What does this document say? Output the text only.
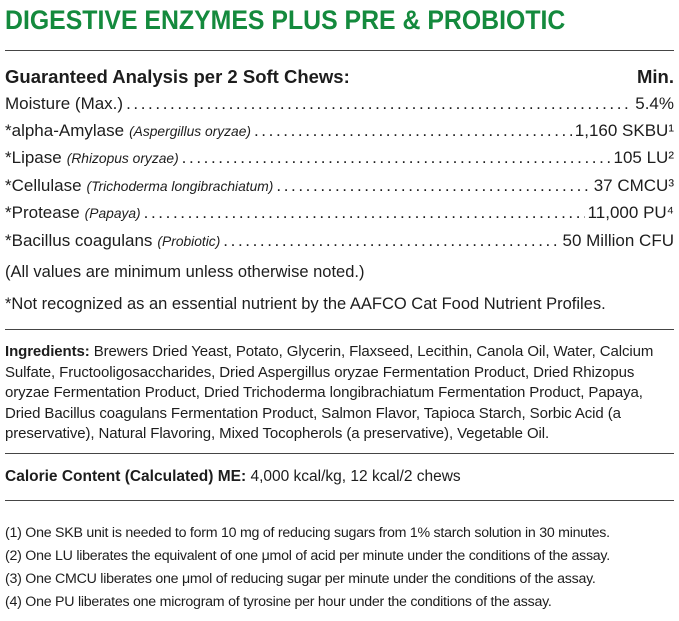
DIGESTIVE ENZYMES PLUS PRE & PROBIOTIC
Guaranteed Analysis per 2 Soft Chews:	Min.
Moisture (Max.) .....	5.4%
*alpha-Amylase (Aspergillus oryzae) .....	1,160 SKBU¹
*Lipase (Rhizopus oryzae) .....	105 LU²
*Cellulase (Trichoderma longibrachiatum) .....	37 CMCU³
*Protease (Papaya) .....	11,000 PU⁴
*Bacillus coagulans (Probiotic) .....	50 Million CFU

(All values are minimum unless otherwise noted.)

*Not recognized as an essential nutrient by the AAFCO Cat Food Nutrient Profiles.

Ingredients: Brewers Dried Yeast, Potato, Glycerin, Flaxseed, Lecithin, Canola Oil, Water, Calcium Sulfate, Fructooligosaccharides, Dried Aspergillus oryzae Fermentation Product, Dried Rhizopus oryzae Fermentation Product, Dried Trichoderma longibrachiatum Fermentation Product, Papaya, Dried Bacillus coagulans Fermentation Product, Salmon Flavor, Tapioca Starch, Sorbic Acid (a preservative), Natural Flavoring, Mixed Tocopherols (a preservative), Vegetable Oil.

Calorie Content (Calculated) ME: 4,000 kcal/kg, 12 kcal/2 chews

(1) One SKB unit is needed to form 10 mg of reducing sugars from 1% starch solution in 30 minutes.

(2) One LU liberates the equivalent of one μmol of acid per minute under the conditions of the assay.

(3) One CMCU liberates one μmol of reducing sugar per minute under the conditions of the assay.

(4) One PU liberates one microgram of tyrosine per hour under the conditions of the assay.
